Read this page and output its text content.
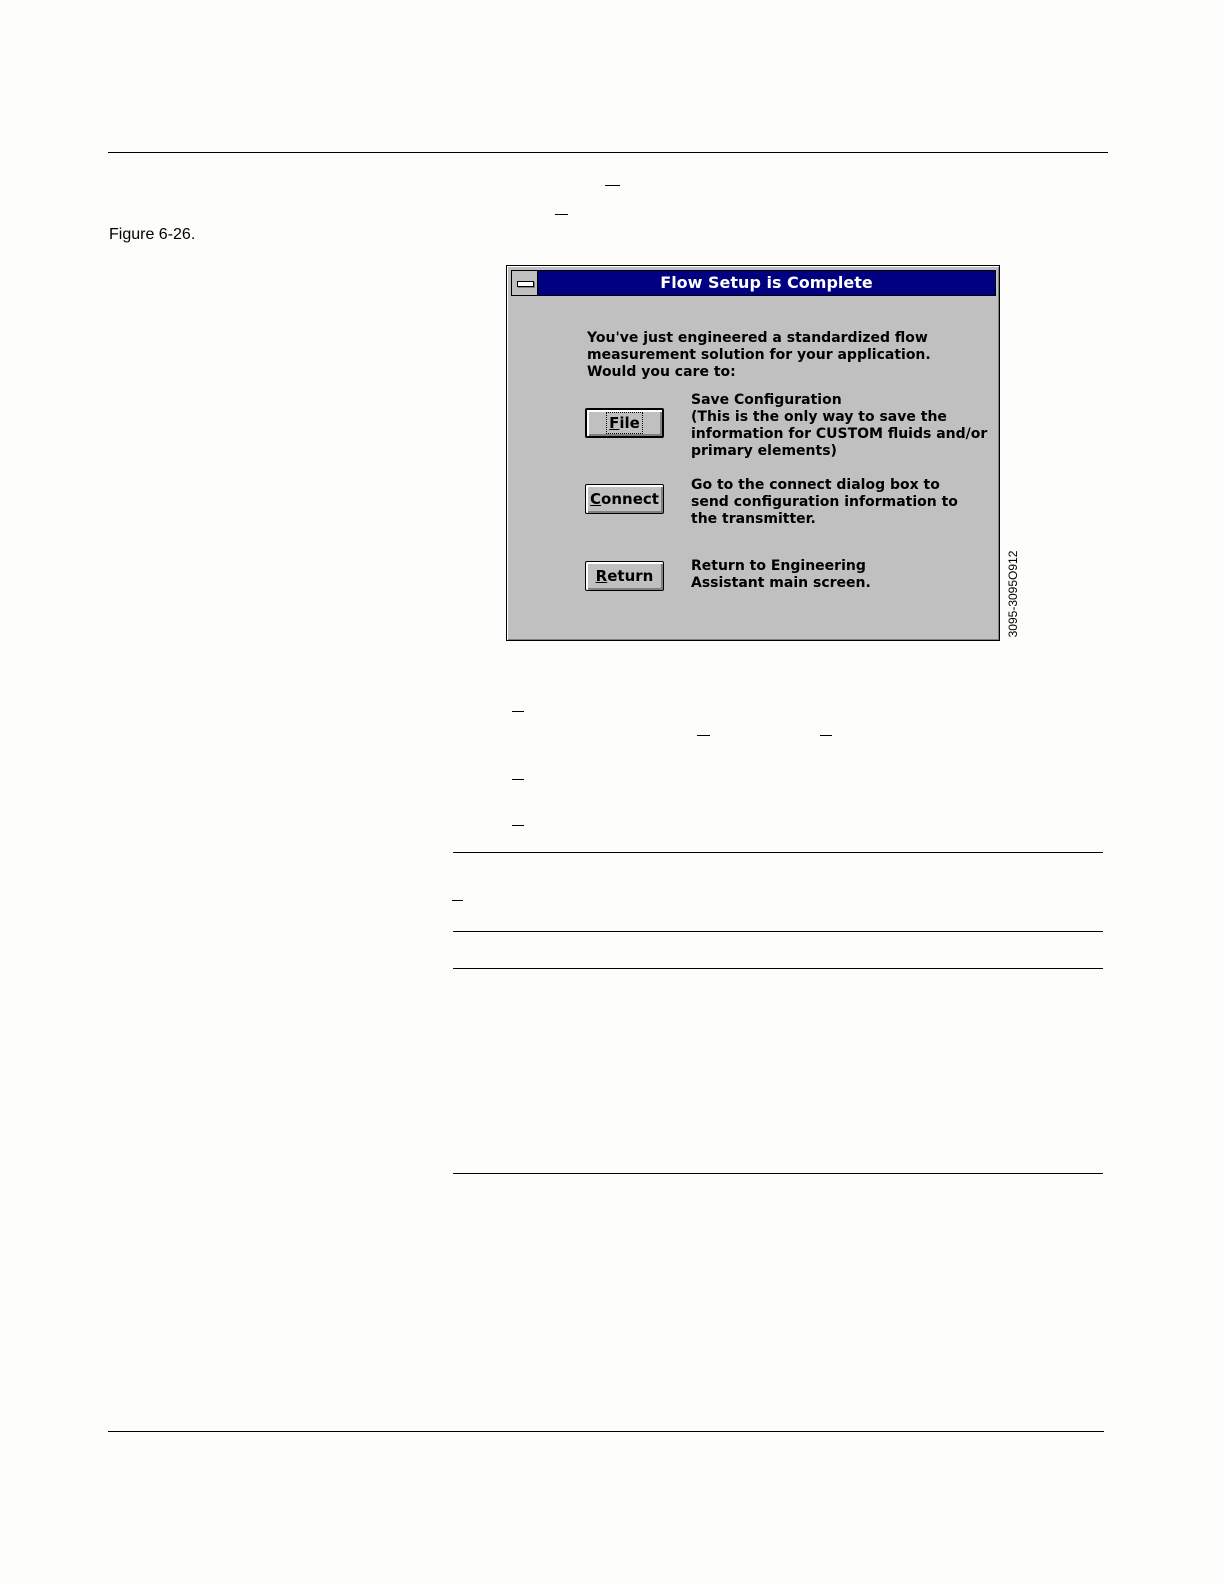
Figure 6-26.
Flow Setup is Complete
You've just engineered a standardized flow
measurement solution for your application.
Would you care to:
File
Save Configuration
(This is the only way to save the
information for CUSTOM fluids and/or
primary elements)
Connect
Go to the connect dialog box to
send configuration information to
the transmitter.
Return
Return to Engineering
Assistant main screen.	3095-3095O912
